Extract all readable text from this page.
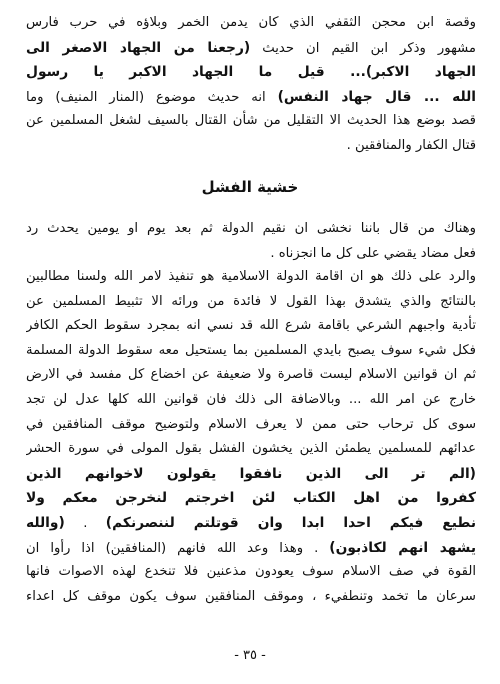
وقصة ابن محجن الثقفي الذي كان يدمن الخمر وبلاؤه في حرب فارس
مشهور وذكر ابن القيم ان حديث (رجعنا من الجهاد الاصغر الى
الجهاد الاكبر)... قيل ما الجهاد الاكبر يا رسول
الله ... قال جهاد النفس) انه حديث موضوع (المنار المنيف) وما
قصد بوضع هذا الحديث الا التقليل من شأن القتال بالسيف لشغل المسلمين عن
قتال الكفار والمنافقين .
خشية الفشل
وهناك من قال باننا نخشى ان نقيم الدولة ثم بعد يوم او يومين يحدث رد
فعل مضاد يقضي على كل ما انجزناه .
والرد على ذلك هو ان اقامة الدولة الاسلامية هو تنفيذ لامر الله ولسنا مطالبين
بالنتائج والذي يتشدق بهذا القول لا فائدة من ورائه الا تثبيط المسلمين عن
تأدية واجبهم الشرعي باقامة شرع الله قد نسي انه بمجرد سقوط الحكم الكافر
فكل شيء سوف يصبح بايدي المسلمين بما يستحيل معه سقوط الدولة المسلمة
ثم ان قوانين الاسلام ليست قاصرة ولا ضعيفة عن اخضاع كل مفسد في الارض
خارج عن امر الله ... وبالاضافة الى ذلك فان قوانين الله كلها عدل لن تجد
سوى كل ترحاب حتى ممن لا يعرف الاسلام ولتوضيح موقف المنافقين في
عدائهم للمسلمين يطمئن الذين يخشون الفشل بقول المولى في سورة الحشر
(الم تر الى الذين نافقوا يقولون لاخوانهم الذين
كفروا من اهل الكتاب لئن اخرجتم لنخرجن معكم ولا
نطيع فيكم احدا ابدا وان قوتلتم لننصرنكم) . (والله
يشهد انهم لكاذبون) . وهذا وعد الله فانهم (المنافقين) اذا رأوا ان
القوة في صف الاسلام سوف يعودون مذعنين فلا تنخدع لهذه الاصوات فانها
سرعان ما تخمد وتنطفيء ، وموقف المنافقين سوف يكون موقف كل اعداء
- ٣٥ -
